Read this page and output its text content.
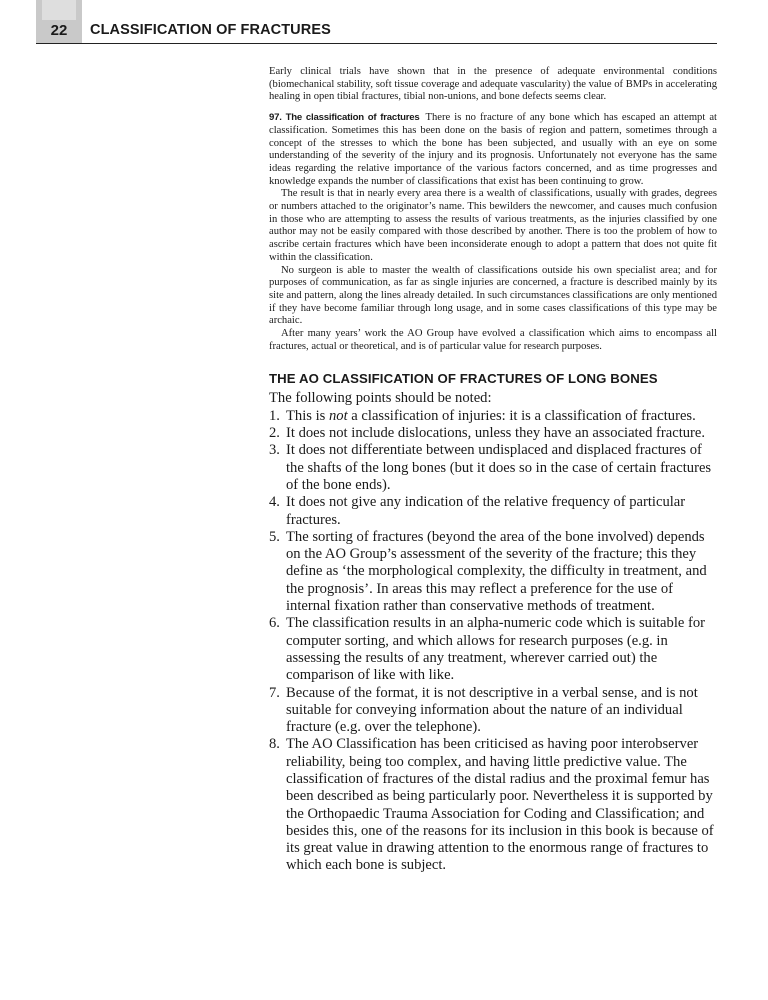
22	CLASSIFICATION OF FRACTURES

Early clinical trials have shown that in the presence of adequate environmental conditions (biomechanical stability, soft tissue coverage and adequate vascularity) the value of BMPs in accelerating healing in open tibial fractures, tibial non-unions, and bone defects seems clear.

97. The classification of fractures There is no fracture of any bone which has escaped an attempt at classification. Sometimes this has been done on the basis of region and pattern, sometimes through a concept of the stresses to which the bone has been subjected, and usually with an eye on some understanding of the severity of the injury and its prognosis. Unfortunately not everyone has the same ideas regarding the relative importance of the various factors concerned, and as time progresses and knowledge expands the number of classifications that exist has been continuing to grow.

The result is that in nearly every area there is a wealth of classifications, usually with grades, degrees or numbers attached to the originator’s name. This bewilders the newcomer, and causes much confusion in those who are attempting to assess the results of various treatments, as the injuries classified by one author may not be easily compared with those described by another. There is too the problem of how to ascribe certain fractures which have been inconsiderate enough to adopt a pattern that does not quite fit within the classification.

No surgeon is able to master the wealth of classifications outside his own specialist area; and for purposes of communication, as far as single injuries are concerned, a fracture is described mainly by its site and pattern, along the lines already detailed. In such circumstances classifications are only mentioned if they have become familiar through long usage, and in some cases classifications of this type may be archaic.

After many years’ work the AO Group have evolved a classification which aims to encompass all fractures, actual or theoretical, and is of particular value for research purposes.

THE AO CLASSIFICATION OF FRACTURES OF LONG BONES

The following points should be noted:

1. This is not a classification of injuries: it is a classification of fractures.
2. It does not include dislocations, unless they have an associated fracture.
3. It does not differentiate between undisplaced and displaced fractures of the shafts of the long bones (but it does so in the case of certain fractures of the bone ends).
4. It does not give any indication of the relative frequency of particular fractures.
5. The sorting of fractures (beyond the area of the bone involved) depends on the AO Group’s assessment of the severity of the fracture; this they define as ‘the morphological complexity, the difficulty in treatment, and the prognosis’. In areas this may reflect a preference for the use of internal fixation rather than conservative methods of treatment.
6. The classification results in an alpha-numeric code which is suitable for computer sorting, and which allows for research purposes (e.g. in assessing the results of any treatment, wherever carried out) the comparison of like with like.
7. Because of the format, it is not descriptive in a verbal sense, and is not suitable for conveying information about the nature of an individual fracture (e.g. over the telephone).
8. The AO Classification has been criticised as having poor interobserver reliability, being too complex, and having little predictive value. The classification of fractures of the distal radius and the proximal femur has been described as being particularly poor. Nevertheless it is supported by the Orthopaedic Trauma Association for Coding and Classification; and besides this, one of the reasons for its inclusion in this book is because of its great value in drawing attention to the enormous range of fractures to which each bone is subject.
